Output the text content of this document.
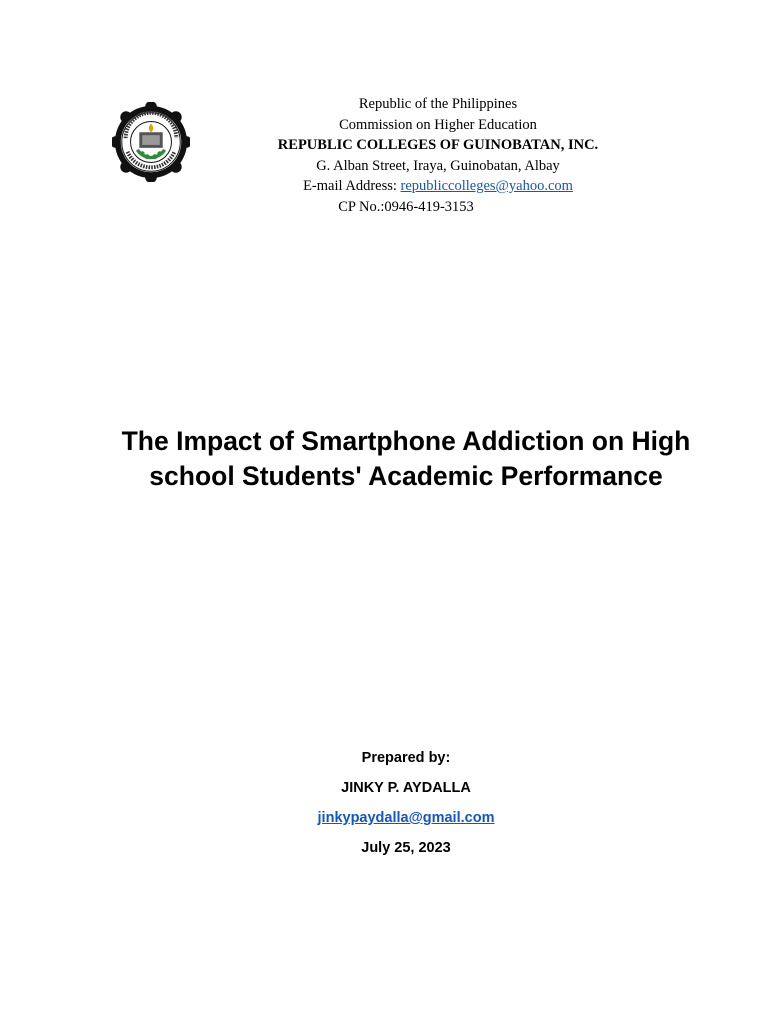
Republic of the Philippines
Commission on Higher Education
REPUBLIC COLLEGES OF GUINOBATAN, INC.
G. Alban Street, Iraya, Guinobatan, Albay
E-mail Address: republiccolleges@yahoo.com
CP No.:0946-419-3153
The Impact of Smartphone Addiction on High school Students' Academic Performance
Prepared by:
JINKY P. AYDALLA
jinkypaydalla@gmail.com
July 25, 2023
